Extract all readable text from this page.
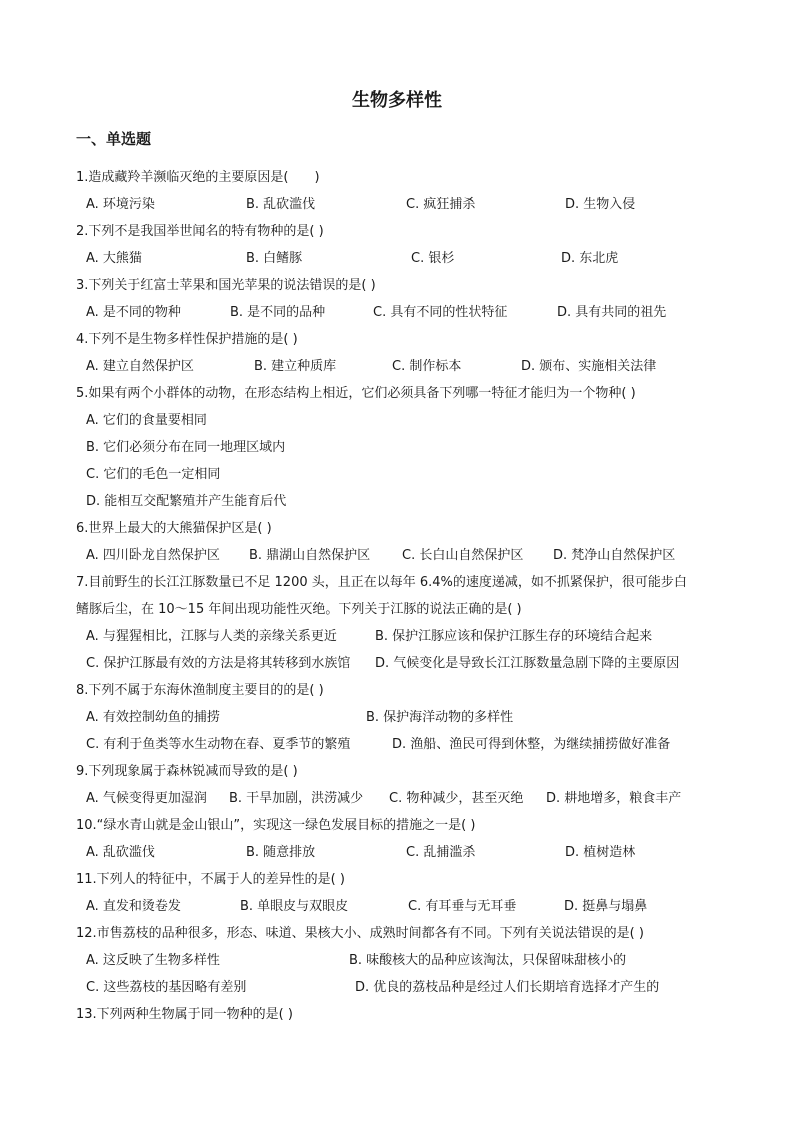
生物多样性
一、单选题
1.造成藏羚羊濒临灭绝的主要原因是(　　)
A. 环境污染	B. 乱砍滥伐	C. 疯狂捕杀	D. 生物入侵
2.下列不是我国举世闻名的特有物种的是( )
A. 大熊猫	B. 白鳍豚	C. 银杉	D. 东北虎
3.下列关于红富士苹果和国光苹果的说法错误的是( )
A. 是不同的物种	B. 是不同的品种	C. 具有不同的性状特征	D. 具有共同的祖先
4.下列不是生物多样性保护措施的是( )
A. 建立自然保护区	B. 建立种质库	C. 制作标本	D. 颁布、实施相关法律
5.如果有两个小群体的动物，在形态结构上相近，它们必须具备下列哪一特征才能归为一个物种( )
A. 它们的食量要相同
B. 它们必须分布在同一地理区域内
C. 它们的毛色一定相同
D. 能相互交配繁殖并产生能育后代
6.世界上最大的大熊猫保护区是( )
A. 四川卧龙自然保护区 B. 鼎湖山自然保护区 C. 长白山自然保护区 D. 梵净山自然保护区
7.目前野生的长江江豚数量已不足 1200 头，且正在以每年 6.4%的速度递减，如不抓紧保护，很可能步白
鳍豚后尘，在 10～15 年间出现功能性灭绝。下列关于江豚的说法正确的是( )
A. 与猩猩相比，江豚与人类的亲缘关系更近	B. 保护江豚应该和保护江豚生存的环境结合起来
C. 保护江豚最有效的方法是将其转移到水族馆 D. 气候变化是导致长江江豚数量急剧下降的主要原因
8.下列不属于东海休渔制度主要目的的是( )
A. 有效控制幼鱼的捕捞	B. 保护海洋动物的多样性
C. 有利于鱼类等水生动物在春、夏季节的繁殖	D. 渔船、渔民可得到休整，为继续捕捞做好准备
9.下列现象属于森林锐减而导致的是( )
A. 气候变得更加湿润 B. 干旱加剧，洪涝减少 C. 物种减少，甚至灭绝 D. 耕地增多，粮食丰产
10.“绿水青山就是金山银山”，实现这一绿色发展目标的措施之一是( )
A. 乱砍滥伐	B. 随意排放	C. 乱捕滥杀	D. 植树造林
11.下列人的特征中，不属于人的差异性的是( )
A. 直发和烫卷发	B. 单眼皮与双眼皮	C. 有耳垂与无耳垂	D. 挺鼻与塌鼻
12.市售荔枝的品种很多，形态、味道、果核大小、成熟时间都各有不同。下列有关说法错误的是( )
A. 这反映了生物多样性	B. 味酸核大的品种应该淘汰，只保留味甜核小的
C. 这些荔枝的基因略有差别	D. 优良的荔枝品种是经过人们长期培育选择才产生的
13.下列两种生物属于同一物种的是( )
